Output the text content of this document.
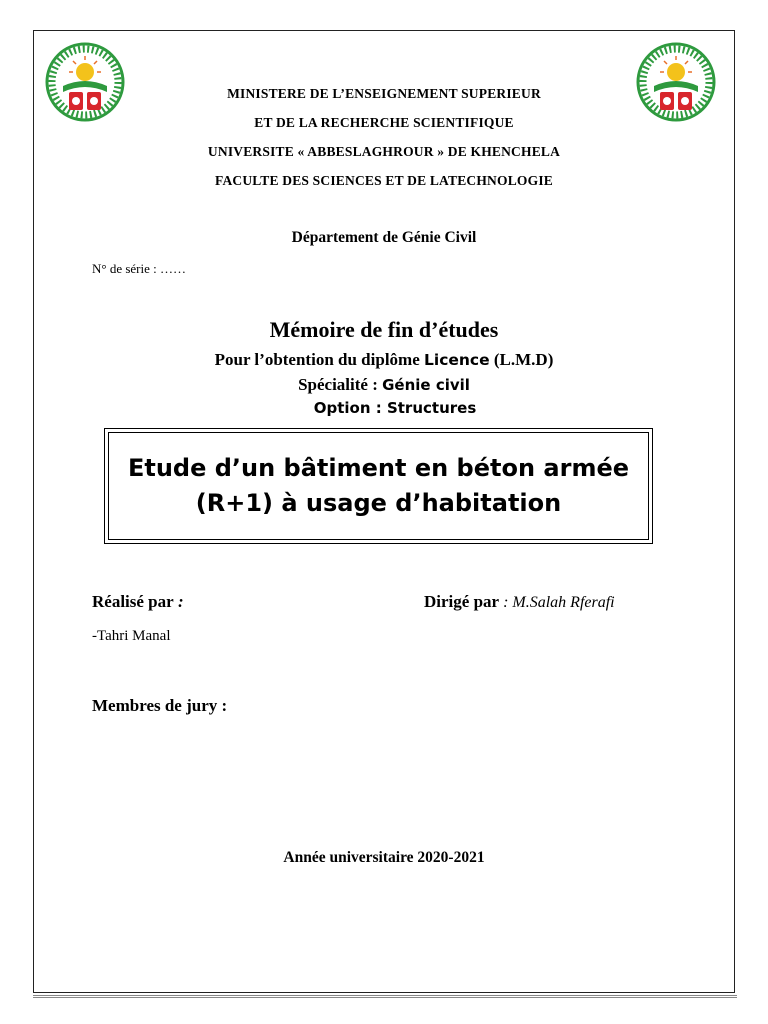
MINISTERE DE L’ENSEIGNEMENT SUPERIEUR
ET DE LA RECHERCHE SCIENTIFIQUE
UNIVERSITE « ABBESLAGHROUR » DE KHENCHELA
FACULTE DES SCIENCES ET DE LATECHNOLOGIE
Département de Génie Civil
N° de série : ……
Mémoire de fin d’études
Pour l’obtention du diplôme Licence (L.M.D)
Spécialité : Génie civil
Option : Structures
Etude d’un bâtiment en béton armée
(R+1) à usage d’habitation
Réalisé par :	Dirigé par : M.Salah Rferafi
-Tahri Manal
Membres de jury :
Année universitaire 2020-2021
